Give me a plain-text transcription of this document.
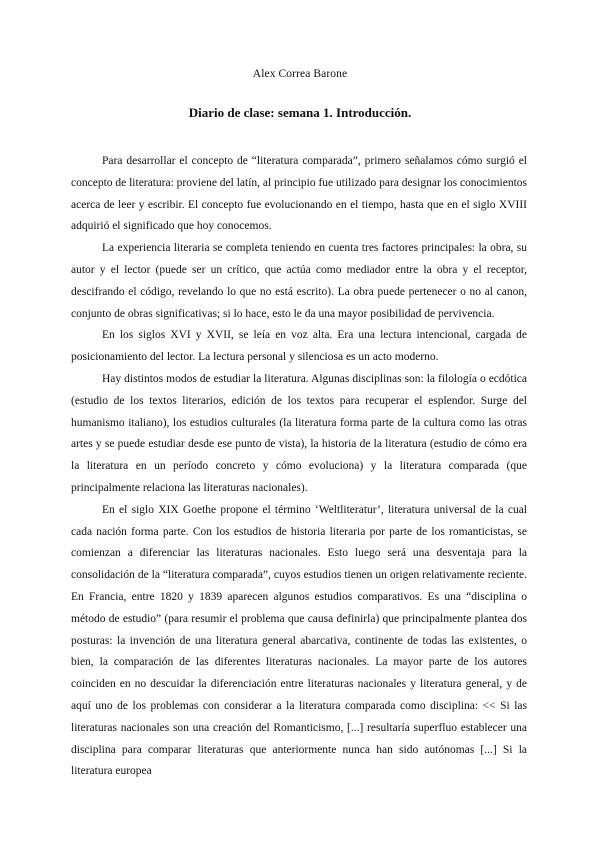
Alex Correa Barone
Diario de clase: semana 1. Introducción.

Para desarrollar el concepto de “literatura comparada”, primero señalamos cómo surgió el concepto de literatura: proviene del latín, al principio fue utilizado para designar los conocimientos acerca de leer y escribir. El concepto fue evolucionando en el tiempo, hasta que en el siglo XVIII adquirió el significado que hoy conocemos.

La experiencia literaria se completa teniendo en cuenta tres factores principales: la obra, su autor y el lector (puede ser un crítico, que actúa como mediador entre la obra y el receptor, descifrando el código, revelando lo que no está escrito). La obra puede pertenecer o no al canon, conjunto de obras significativas; si lo hace, esto le da una mayor posibilidad de pervivencia.

En los siglos XVI y XVII, se leía en voz alta. Era una lectura intencional, cargada de posicionamiento del lector. La lectura personal y silenciosa es un acto moderno.

Hay distintos modos de estudiar la literatura. Algunas disciplinas son: la filología o ecdótica (estudio de los textos literarios, edición de los textos para recuperar el esplendor. Surge del humanismo italiano), los estudios culturales (la literatura forma parte de la cultura como las otras artes y se puede estudiar desde ese punto de vista), la historia de la literatura (estudio de cómo era la literatura en un período concreto y cómo evoluciona) y la literatura comparada (que principalmente relaciona las literaturas nacionales).

En el siglo XIX Goethe propone el término ‘Weltliteratur’, literatura universal de la cual cada nación forma parte. Con los estudios de historia literaria por parte de los romanticistas, se comienzan a diferenciar las literaturas nacionales. Esto luego será una desventaja para la consolidación de la “literatura comparada”, cuyos estudios tienen un origen relativamente reciente. En Francia, entre 1820 y 1839 aparecen algunos estudios comparativos. Es una “disciplina o método de estudio” (para resumir el problema que causa definirla) que principalmente plantea dos posturas: la invención de una literatura general abarcativa, continente de todas las existentes, o bien, la comparación de las diferentes literaturas nacionales. La mayor parte de los autores coinciden en no descuidar la diferenciación entre literaturas nacionales y literatura general, y de aquí uno de los problemas con considerar a la literatura comparada como disciplina: << Si las literaturas nacionales son una creación del Romanticismo, [...] resultaría superfluo establecer una disciplina para comparar literaturas que anteriormente nunca han sido autónomas [...] Si la literatura europea
